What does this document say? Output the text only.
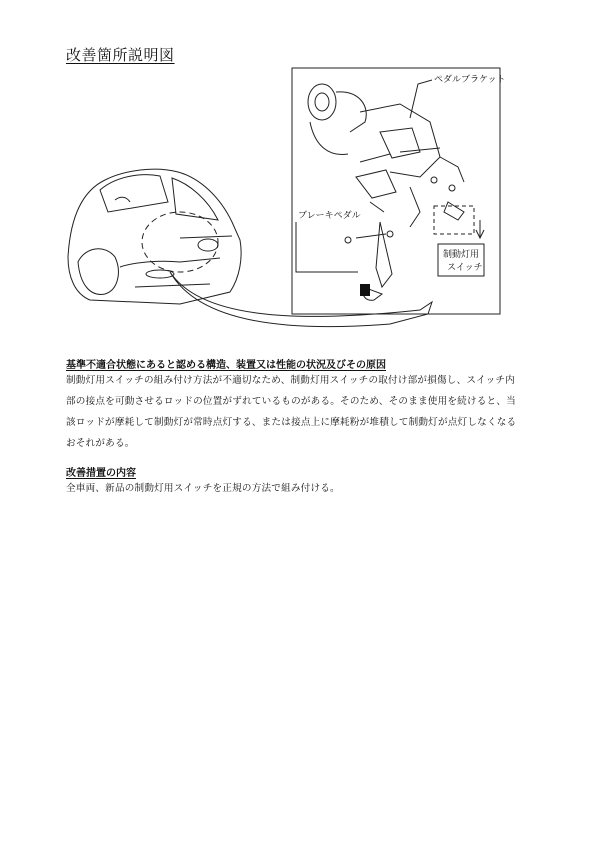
改善箇所説明図
ペダルブラケット
ブレーキペダル
制動灯用
スイッチ
基準不適合状態にあると認める構造、装置又は性能の状況及びその原因
制動灯用スイッチの組み付け方法が不適切なため、制動灯用スイッチの取付け部が損傷し、スイッチ内
部の接点を可動させるロッドの位置がずれているものがある。そのため、そのまま使用を続けると、当
該ロッドが摩耗して制動灯が常時点灯する、または接点上に摩耗粉が堆積して制動灯が点灯しなくなる
おそれがある。
改善措置の内容
全車両、新品の制動灯用スイッチを正規の方法で組み付ける。
